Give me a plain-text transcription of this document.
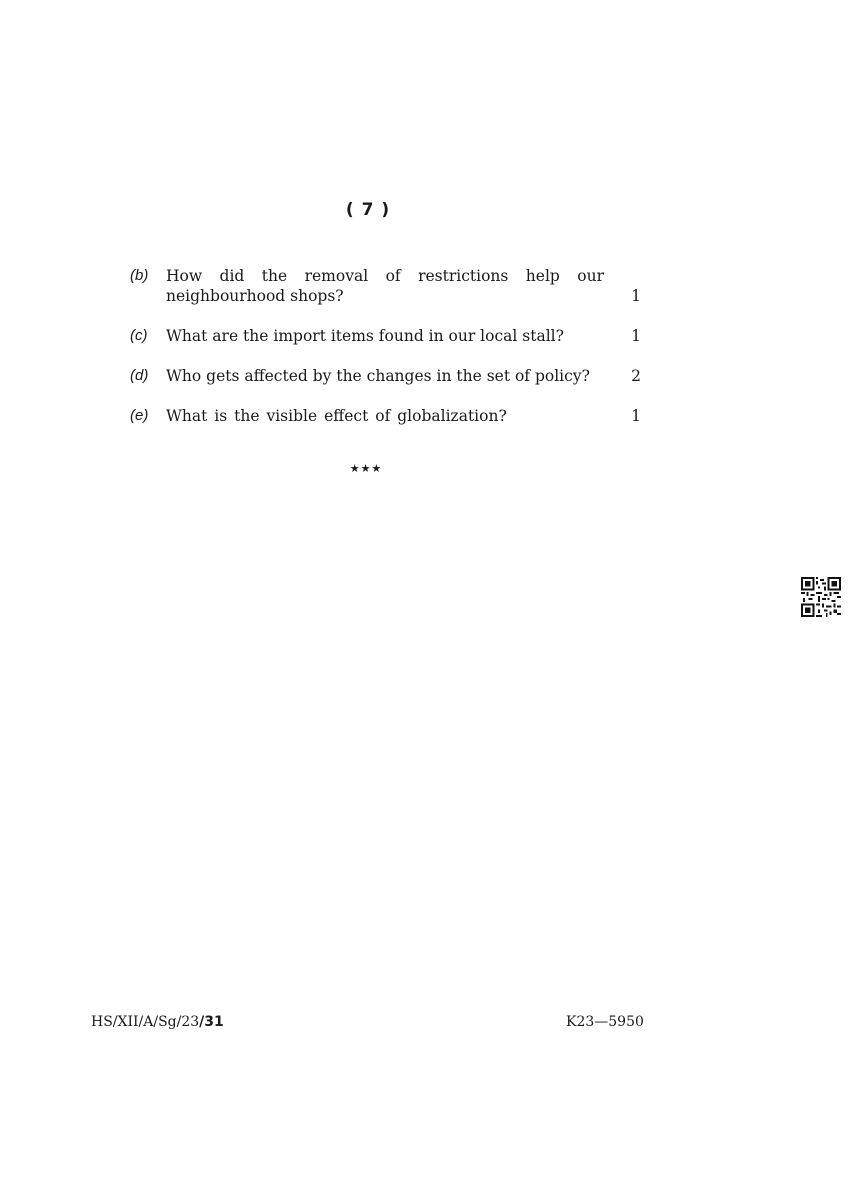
( 7 )
(b) How did the removal of restrictions help our
neighbourhood shops?	1
(c) What are the import items found in our local stall?	1
(d) Who gets affected by the changes in the set of policy?	2
(e) What is the visible effect of globalization?	1
★★★
HS/XII/A/Sg/23/31	K23—5950
